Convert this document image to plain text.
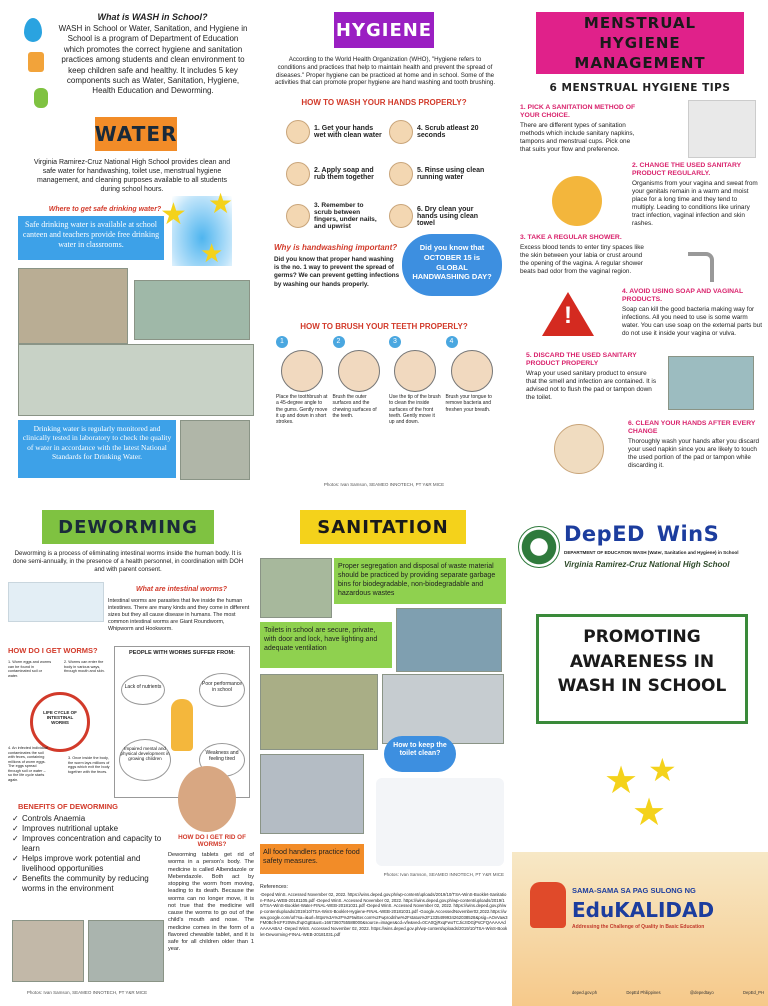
What is WASH in School?
WASH in School or Water, Sanitation, and Hygiene in School is a program of Department of Education which promotes the correct hygiene and sanitation practices among students and clean environment to keep children safe and healthy. It includes 5 key components such as Water, Sanitation, Hygiene, Health Education and Deworming.
WATER
Virginia Ramirez-Cruz National High School provides clean and safe water for handwashing, toilet use, menstrual hygiene management, and cleaning purposes available to all students during school hours.
Where to get safe drinking water?
Safe drinking water is available at school canteen and teachers provide free drinking water in classrooms.
★ ★
★
Drinking water is regularly monitored and clinically tested in laboratory to check the quality of water in accordance with the latest National Standards for Drinking Water.
HYGIENE
According to the World Health Organization (WHO), "Hygiene refers to conditions and practices that help to maintain health and prevent the spread of diseases." Proper hygiene can be practiced at home and in school. Some of the activities that can promote proper hygiene are hand washing and tooth brushing.
HOW TO WASH YOUR HANDS PROPERLY?
1. Get your hands wet with clean water
2. Apply soap and rub them together
3. Remember to scrub between fingers, under nails, and upwrist
4. Scrub atleast 20 seconds
5. Rinse using clean running water
6. Dry clean your hands using clean towel
Why is handwashing important?
Did you know that proper hand washing is the no. 1 way to prevent the spread of germs? We can prevent getting infections by washing our hands properly.
Did you know that OCTOBER 15 is GLOBAL HANDWASHING DAY?
HOW TO BRUSH YOUR TEETH PROPERLY?
1
Place the toothbrush at a 45-degree angle to the gums. Gently move it up and down in short strokes.
2
Brush the outer surfaces and the chewing surfaces of the teeth.
3
Use the tip of the brush to clean the inside surfaces of the front teeth. Gently move it up and down.
4
Brush your tongue to remove bacteria and freshen your breath.
Photos: Ivan Samson, SEAMEO INNOTECH, PT Y&R MICE
MENSTRUAL HYGIENE MANAGEMENT
6 MENSTRUAL HYGIENE TIPS
1. PICK A SANITATION METHOD OF YOUR CHOICE.
There are different types of sanitation methods which include sanitary napkins, tampons and menstrual cups. Pick one that suits your flow and preference.
2. CHANGE THE USED SANITARY PRODUCT REGULARLY.
Organisms from your vagina and sweat from your genitals remain in a warm and moist place for a long time and they tend to multiply. Leading to conditions like urinary tract infection, vaginal infection and skin rashes.
3. TAKE A REGULAR SHOWER.
Excess blood tends to enter tiny spaces like the skin between your labia or crust around the opening of the vagina. A regular shower beats bad odor from the vaginal region.
4. AVOID USING SOAP AND VAGINAL PRODUCTS.
Soap can kill the good bacteria making way for infections. All you need to use is some warm water. You can use soap on the external parts but do not use it inside your vagina or vulva.
!
5. DISCARD THE USED SANITARY PRODUCT PROPERLY
Wrap your used sanitary product to ensure that the smell and infection are contained. It is advised not to flush the pad or tampon down the toilet.
6. CLEAN YOUR HANDS AFTER EVERY CHANGE
Thoroughly wash your hands after you discard your used napkin since you are likely to touch the used portion of the pad or tampon while discarding it.
DEWORMING
Deworming is a process of eliminating intestinal worms inside the human body. It is done semi-annually, in the presence of a health personnel, in coordination with DOH and with parent consent.
What are intestinal worms?
Intestinal worms are parasites that live inside the human intestines. There are many kinds and they come in different sizes but they all cause disease in humans. The most common intestinal worms are Giant Roundworm, Whipworm and Hookworm.
HOW DO I GET WORMS?
LIFE CYCLE OF INTESTINAL WORMS
1. Worm eggs and worms can be found in contaminated soil or water.
2. Worms can enter the body in various ways, through mouth and skin.
3. Once inside the body, the worm lays millions of eggs which exit the body together with the feces.
4. An infected individual contaminates the soil with feces, containing millions of worm eggs. The eggs spread through soil or water – so the life cycle starts again.
PEOPLE WITH WORMS SUFFER FROM:
Lack of nutrients	Poor performance in school
Impaired mental and physical development in growing children
Weakness and feeling tired
BENEFITS OF DEWORMING
✓ Controls Anaemia
✓ Improves nutritional uptake
✓ Improves concentration and capacity to learn
✓ Helps improve work potential and livelihood opportunities
✓ Benefits the community by reducing worms in the environment
HOW DO I GET RID OF WORMS?
Deworming tablets get rid of worms in a person's body. The medicine is called Albendazole or Mebendazole. Both act by stopping the worm from moving, leading to its death. Because the worms can no longer move, it is not true that the medicine will cause the worms to go out of the child's mouth and nose. The medicine comes in the form of a flavored chewable tablet, and it is safe for all children older than 1 year.
Photos: Ivan Samson, SEAMEO INNOTECH, PT Y&R MICE
SANITATION
Proper segregation and disposal of waste material should be practiced by providing separate garbage bins for biodegradable, non-biodegradable and hazardous wastes
Toilets in school are secure, private, with door and lock, have lighting and adequate ventilation
How to keep the toilet clean?
All food handlers practice food safety measures.
Photos: Ivan Samson, SEAMEO INNOTECH, PT Y&R MICE
References:
-Deped WinS. Accessed November 02, 2022. https://wins.deped.gov.ph/wp-content/uploads/2019/10/TSA-WinS-Booklet-Sanitation-FINAL-WEB-20181105.pdf -Deped WinS. Accessed November 02, 2022. https://wins.deped.gov.ph/wp-content/uploads/2019/10/TSA-WinS-Booklet-Water-FINAL-WEB-20181031.pdf -Deped WinS. Accessed November 02, 2022. https://wins.deped.gov.ph/wp-content/uploads/2019/10/TSA-WinS-Booklet-Hygiene-FINAL-WEB-20181031.pdf -Google.AccessedNovember02,2022.https://www.google.com/url?sa=i&url=https%3A%2F%2Ftwitter.com%2Fwprodnhw%2Fstatus%2F1335499934262038528&psig=AOvVaw3FM0BcfHcFF20WvJhqIGgE&ust=1667360755588000&source=images&cd=vfe&ved=0CA0QjRxqFwoTCJiczIDGjPsCFQAAAAAdAAAAABAJ -Deped WinS. Accessed November 02, 2022. https://wins.deped.gov.ph/wp-content/uploads/2019/10/TSA-WinS-Booklet-Deworming-FINAL-WEB-20181031.pdf
DepED WinS
DEPARTMENT OF EDUCATION WASH (Water, Sanitation and Hygiene) in School
Virginia Ramirez-Cruz National High School
PROMOTING AWARENESS IN WASH IN SCHOOL
★ ★
★
SAMA-SAMA SA PAG SULONG NG
EduKALIDAD
Addressing the Challenge of Quality in Basic Education
deped.gov.ph	DepEd Philippines	@depedtayo	DepEd_PH
